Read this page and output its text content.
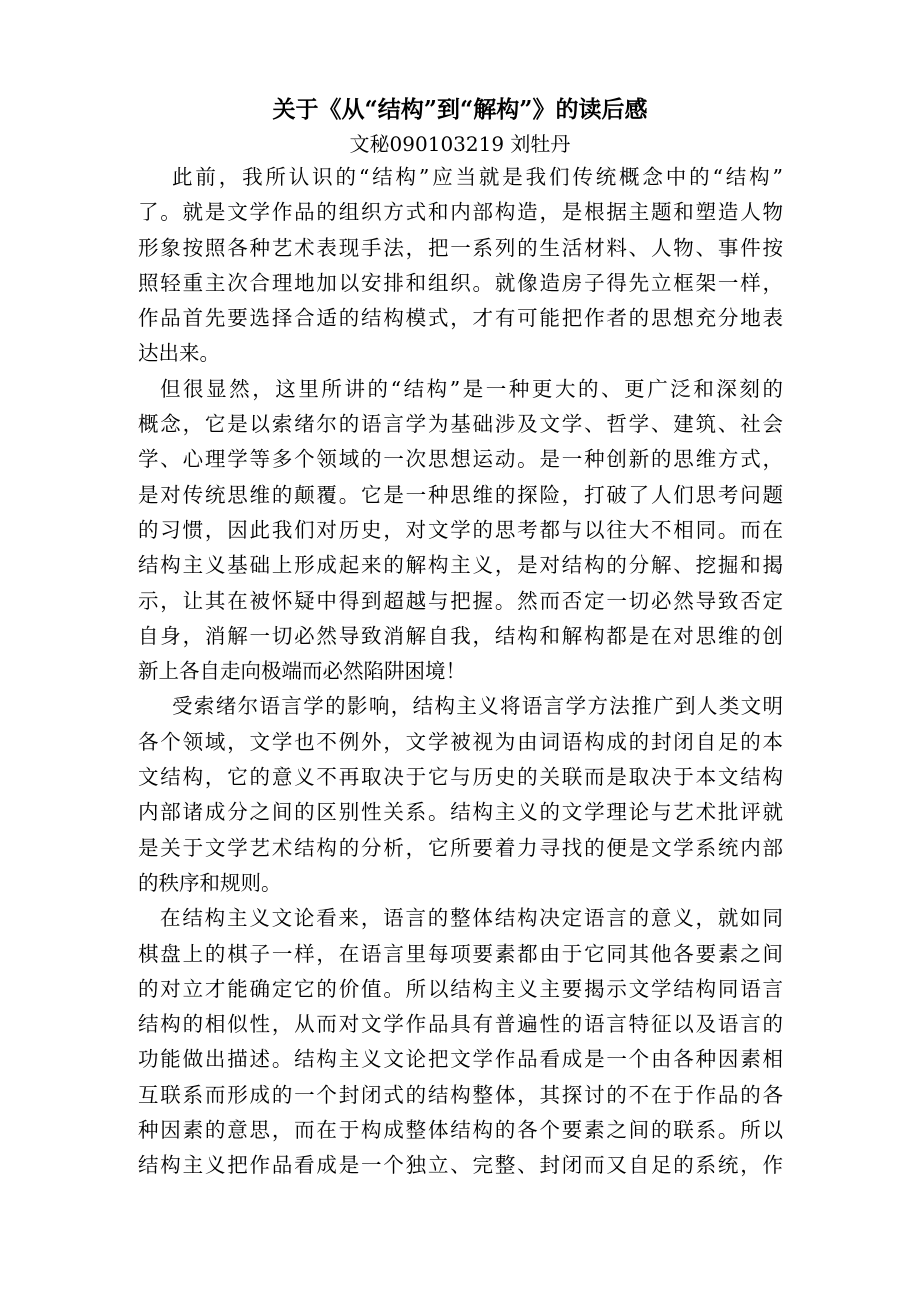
关于《从“结构”到“解构”》的读后感
文秘090103219 刘牡丹
此前，我所认识的“结构”应当就是我们传统概念中的“结构”
了。就是文学作品的组织方式和内部构造，是根据主题和塑造人物
形象按照各种艺术表现手法，把一系列的生活材料、人物、事件按
照轻重主次合理地加以安排和组织。就像造房子得先立框架一样，
作品首先要选择合适的结构模式，才有可能把作者的思想充分地表
达出来。
但很显然，这里所讲的“结构”是一种更大的、更广泛和深刻的
概念，它是以索绪尔的语言学为基础涉及文学、哲学、建筑、社会
学、心理学等多个领域的一次思想运动。是一种创新的思维方式，
是对传统思维的颠覆。它是一种思维的探险，打破了人们思考问题
的习惯，因此我们对历史，对文学的思考都与以往大不相同。而在
结构主义基础上形成起来的解构主义，是对结构的分解、挖掘和揭
示，让其在被怀疑中得到超越与把握。然而否定一切必然导致否定
自身，消解一切必然导致消解自我，结构和解构都是在对思维的创
新上各自走向极端而必然陷阱困境！
受索绪尔语言学的影响，结构主义将语言学方法推广到人类文明
各个领域，文学也不例外，文学被视为由词语构成的封闭自足的本
文结构，它的意义不再取决于它与历史的关联而是取决于本文结构
内部诸成分之间的区别性关系。结构主义的文学理论与艺术批评就
是关于文学艺术结构的分析，它所要着力寻找的便是文学系统内部
的秩序和规则。
在结构主义文论看来，语言的整体结构决定语言的意义，就如同
棋盘上的棋子一样，在语言里每项要素都由于它同其他各要素之间
的对立才能确定它的价值。所以结构主义主要揭示文学结构同语言
结构的相似性，从而对文学作品具有普遍性的语言特征以及语言的
功能做出描述。结构主义文论把文学作品看成是一个由各种因素相
互联系而形成的一个封闭式的结构整体，其探讨的不在于作品的各
种因素的意思，而在于构成整体结构的各个要素之间的联系。所以
结构主义把作品看成是一个独立、完整、封闭而又自足的系统，作
